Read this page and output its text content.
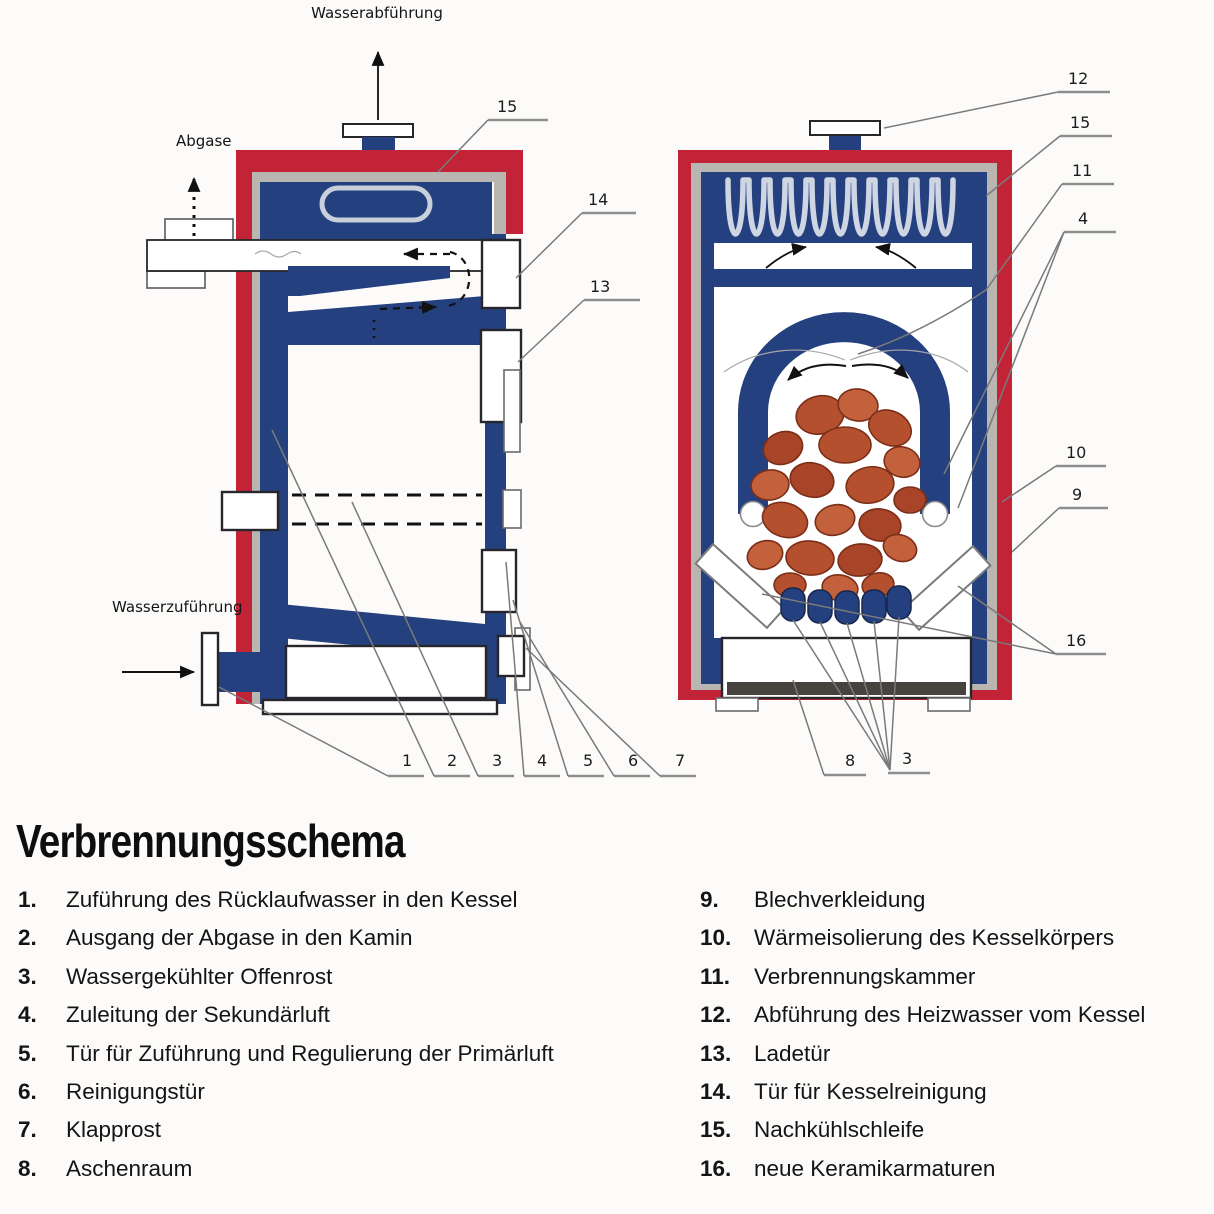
Wasserabführung
Abgase
Wasserzuführung
15
14
13
1 2 3 4 5 6 7
12
15
11
4
10
9
16
8	3
Verbrennungsschema
1.	Zuführung des Rücklaufwasser in den Kessel
2.	Ausgang der Abgase in den Kamin
3.	Wassergekühlter Offenrost
4.	Zuleitung der Sekundärluft
5.	Tür für Zuführung und Regulierung der Primärluft
6.	Reinigungstür
7.	Klapprost
8.	Aschenraum
9.	Blechverkleidung
10.	Wärmeisolierung des Kesselkörpers
11.	Verbrennungskammer
12.	Abführung des Heizwasser vom Kessel
13.	Ladetür
14.	Tür für Kesselreinigung
15.	Nachkühlschleife
16.	neue Keramikarmaturen
